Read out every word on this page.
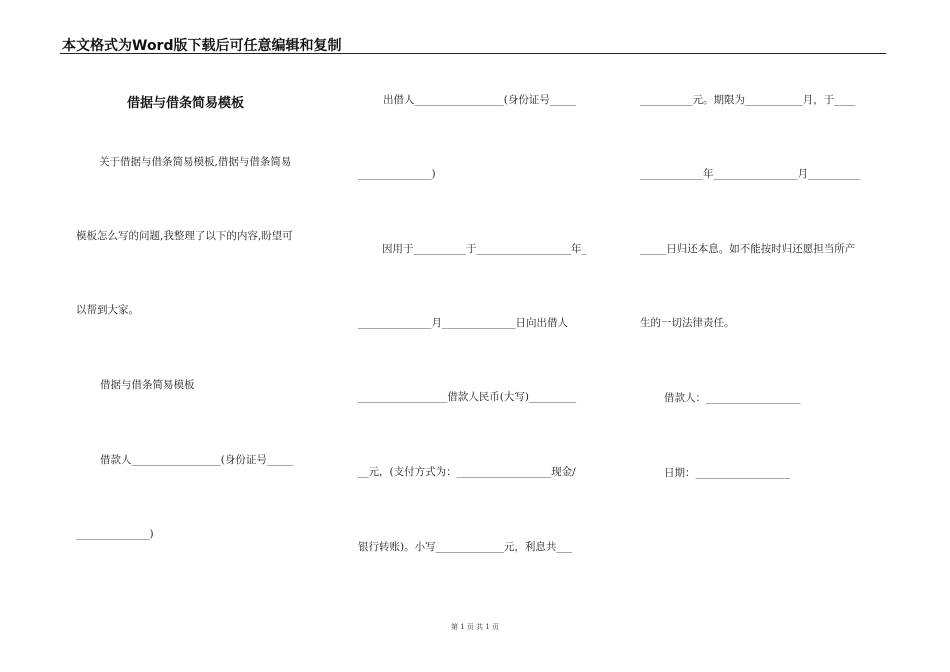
本文格式为Word版下载后可任意编辑和复制
借据与借条简易模板
关于借据与借条简易模板,借据与借条简易
模板怎么写的问题,我整理了以下的内容,盼望可
以帮到大家。
借据与借条简易模板
借款人_________________(身份证号_____
______________)
出借人_________________(身份证号_____
______________)
因用于__________于__________________年_
______________月______________日向出借人
_________________借款人民币(大写)_________
__元，(支付方式为：__________________现金/
银行转账)。小写_____________元，利息共___
__________元。期限为___________月，于____
____________年________________月__________
_____日归还本息。如不能按时归还愿担当所产
生的一切法律责任。
借款人：__________________
日期：__________________
第 1 页 共 1 页
